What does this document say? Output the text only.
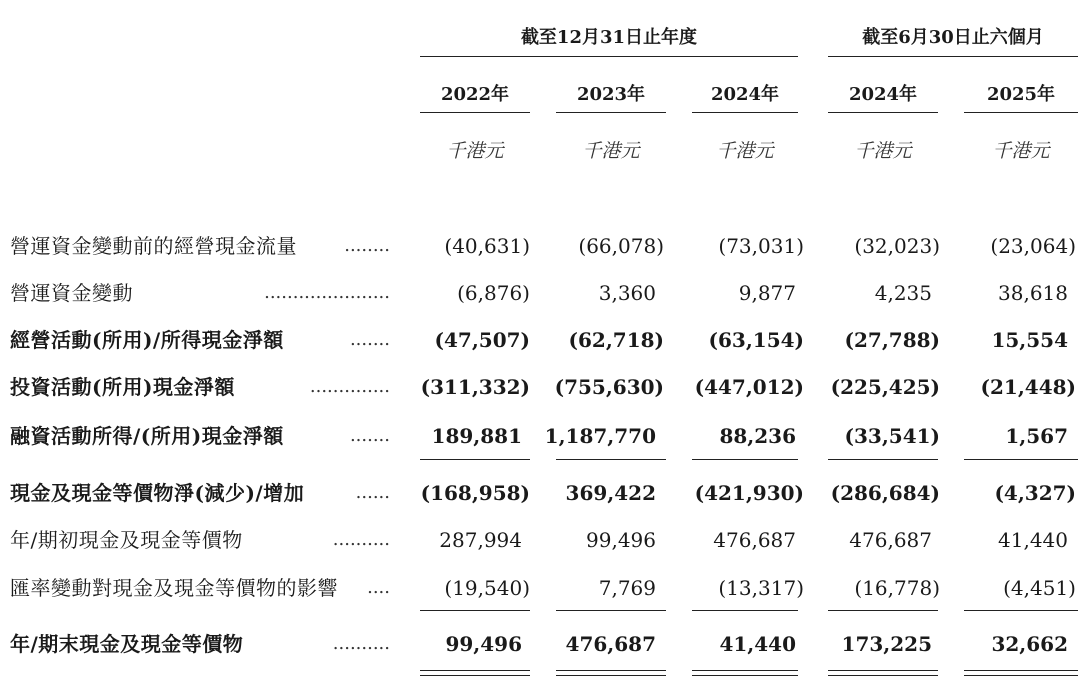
截至12月31日止年度	截至6月30日止六個月
2022年	2023年	2024年	2024年	2025年
千港元	千港元	千港元	千港元	千港元
........
營運資金變動前的經營現金流量	(40,631)	(66,078)	(73,031)	(32,023)	(23,064)
......................
營運資金變動	(6,876)	3,360	9,877	4,235	38,618
.......
經營活動(所用)/所得現金淨額	(47,507)	(62,718)	(63,154)	(27,788)	15,554
..............
投資活動(所用)現金淨額	(311,332)	(755,630)	(447,012)	(225,425)	(21,448)
.......
融資活動所得/(所用)現金淨額	189,881	1,187,770	88,236	(33,541)	1,567
......
現金及現金等價物淨(減少)/增加	(168,958)	369,422	(421,930)	(286,684)	(4,327)
..........
年/期初現金及現金等價物	287,994	99,496	476,687	476,687	41,440
....
匯率變動對現金及現金等價物的影響	(19,540)	7,769	(13,317)	(16,778)	(4,451)
..........
年/期末現金及現金等價物	99,496	476,687	41,440	173,225	32,662
